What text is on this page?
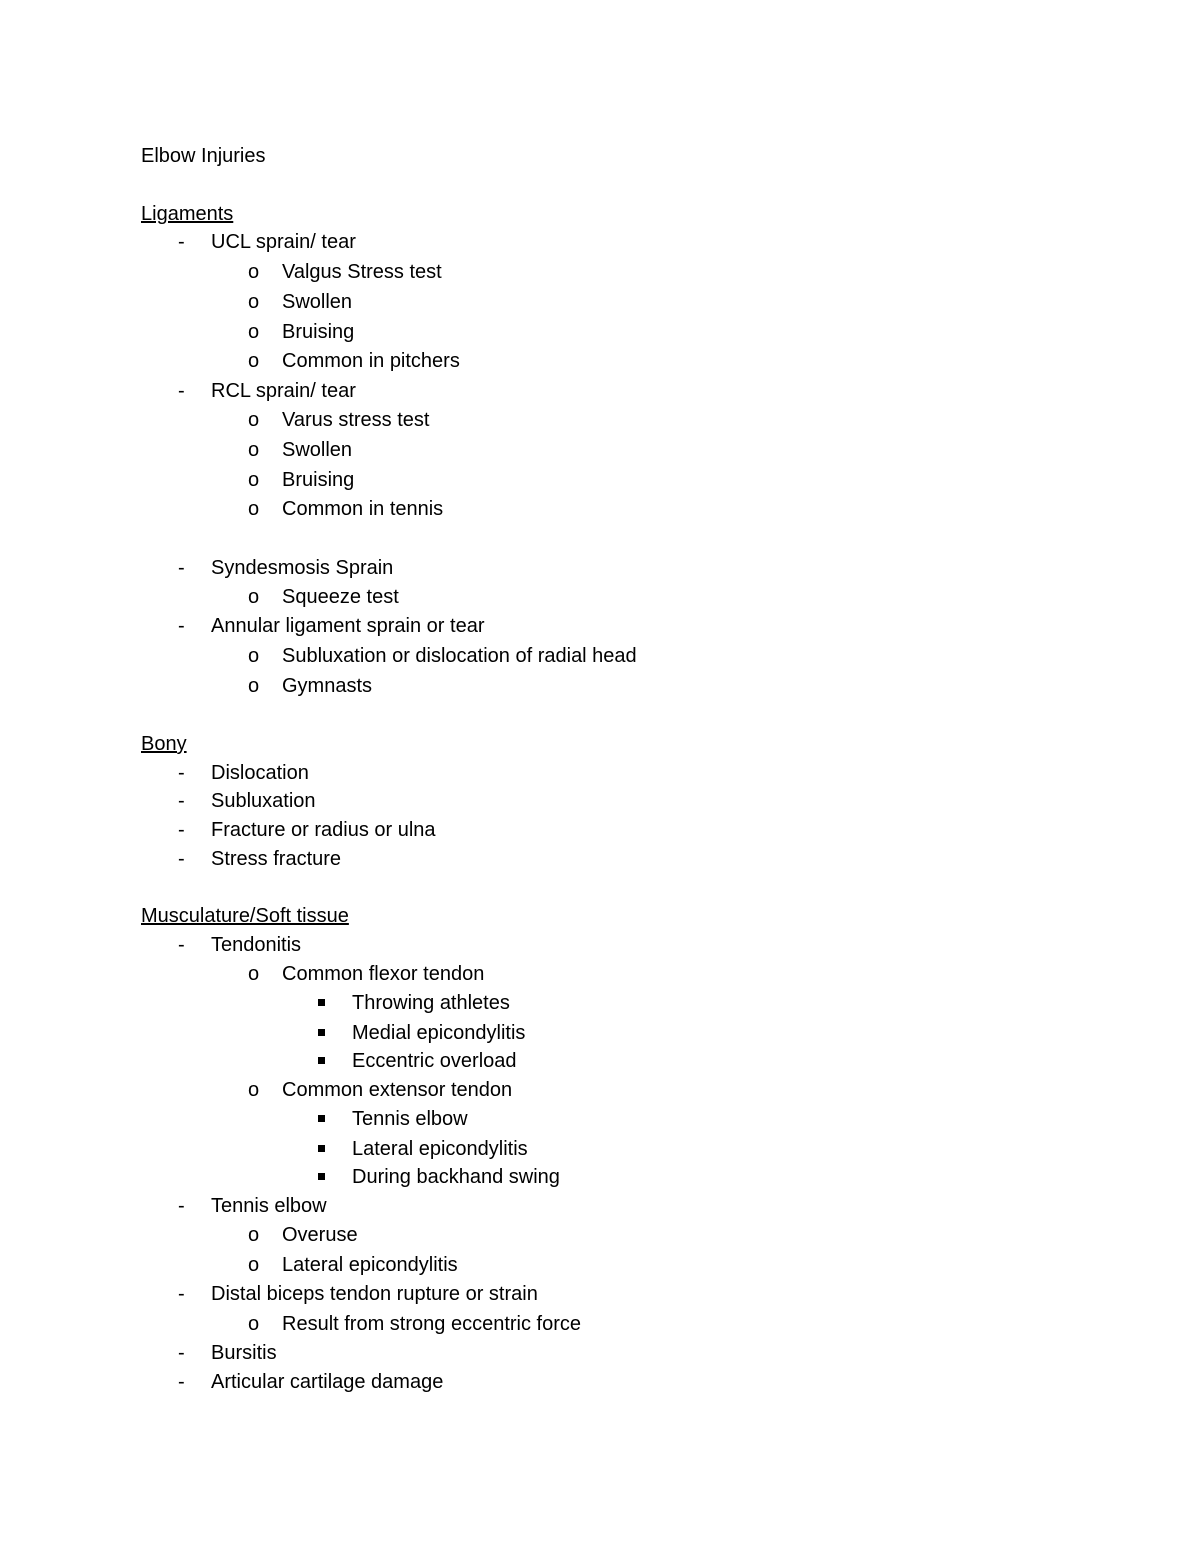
Elbow Injuries
Ligaments
- UCL sprain/ tear
o Valgus Stress test
o Swollen
o Bruising
o Common in pitchers
- RCL sprain/ tear
o Varus stress test
o Swollen
o Bruising
o Common in tennis
- Syndesmosis Sprain
o Squeeze test
- Annular ligament sprain or tear
o Subluxation or dislocation of radial head
o Gymnasts
Bony
- Dislocation
- Subluxation
- Fracture or radius or ulna
- Stress fracture
Musculature/Soft tissue
- Tendonitis
o Common flexor tendon
Throwing athletes
Medial epicondylitis
Eccentric overload
o Common extensor tendon
Tennis elbow
Lateral epicondylitis
During backhand swing
- Tennis elbow
o Overuse
o Lateral epicondylitis
- Distal biceps tendon rupture or strain
o Result from strong eccentric force
- Bursitis
- Articular cartilage damage
